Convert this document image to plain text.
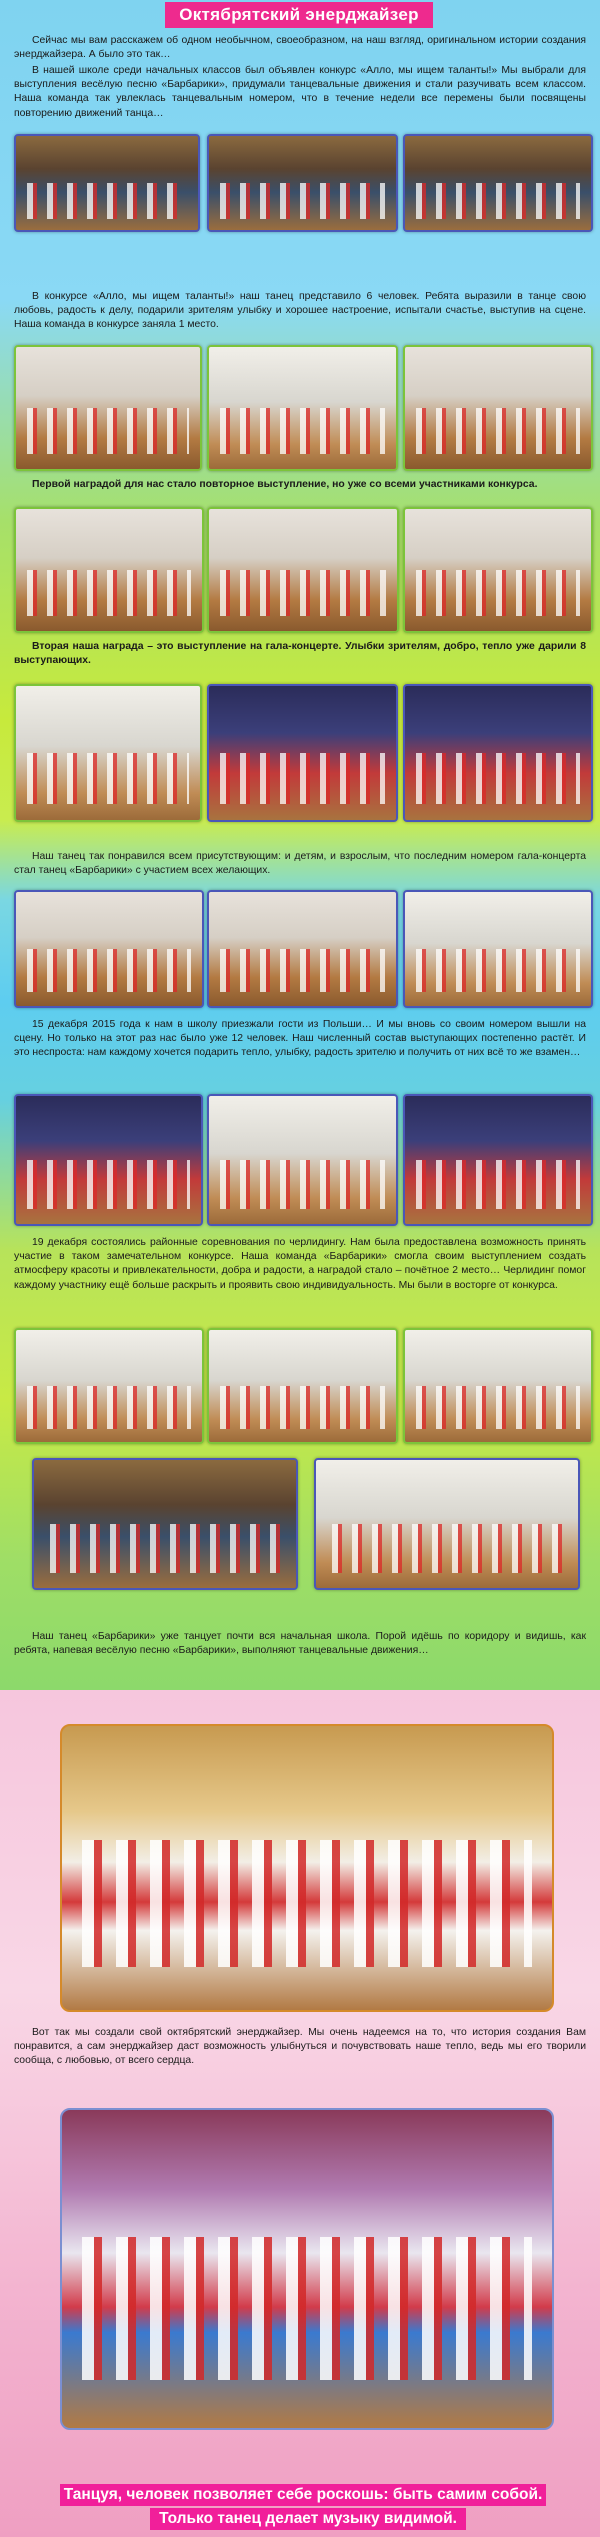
Октябрятский энерджайзер
Сейчас мы вам расскажем об одном необычном, своеобразном, на наш взгляд, оригинальном истории создания энерджайзера. А было это так…
В нашей школе среди начальных классов был объявлен конкурс «Алло, мы ищем таланты!» Мы выбрали для выступления весёлую песню «Барбарики», придумали танцевальные движения и стали разучивать всем классом. Наша команда так увлеклась танцевальным номером, что в течение недели все перемены были посвящены повторению движений танца…
В конкурсе «Алло, мы ищем таланты!» наш танец представило 6 человек. Ребята выразили в танце свою любовь, радость к делу, подарили зрителям улыбку и хорошее настроение, испытали счастье, выступив на сцене. Наша команда в конкурсе заняла 1 место.
Первой наградой для нас стало повторное выступление, но уже со всеми участниками конкурса.
Вторая наша награда – это выступление на гала-концерте. Улыбки зрителям, добро, тепло уже дарили 8 выступающих.
Наш танец так понравился всем присутствующим: и детям, и взрослым, что последним номером гала-концерта стал танец «Барбарики» с участием всех желающих.
15 декабря 2015 года к нам в школу приезжали гости из Польши… И мы вновь со своим номером вышли на сцену. Но только на этот раз нас было уже 12 человек. Наш численный состав выступающих постепенно растёт. И это неспроста: нам каждому хочется подарить тепло, улыбку, радость зрителю и получить от них всё то же взамен…
19 декабря состоялись районные соревнования по черлидингу. Нам была предоставлена возможность принять участие в таком замечательном конкурсе. Наша команда «Барбарики» смогла своим выступлением создать атмосферу красоты и привлекательности, добра и радости, а наградой стало – почётное 2 место… Черлидинг помог каждому участнику ещё больше раскрыть и проявить свою индивидуальность. Мы были в восторге от конкурса.
Наш танец «Барбарики» уже танцует почти вся начальная школа. Порой идёшь по коридору и видишь, как ребята, напевая весёлую песню «Барбарики», выполняют танцевальные движения…
Вот так мы создали свой октябрятский энерджайзер. Мы очень надеемся на то, что история создания Вам понравится, а сам энерджайзер даст возможность улыбнуться и почувствовать наше тепло, ведь мы его творили сообща, с любовью, от всего сердца.
Танцуя, человек позволяет себе роскошь: быть самим собой.
Только танец делает музыку видимой.
